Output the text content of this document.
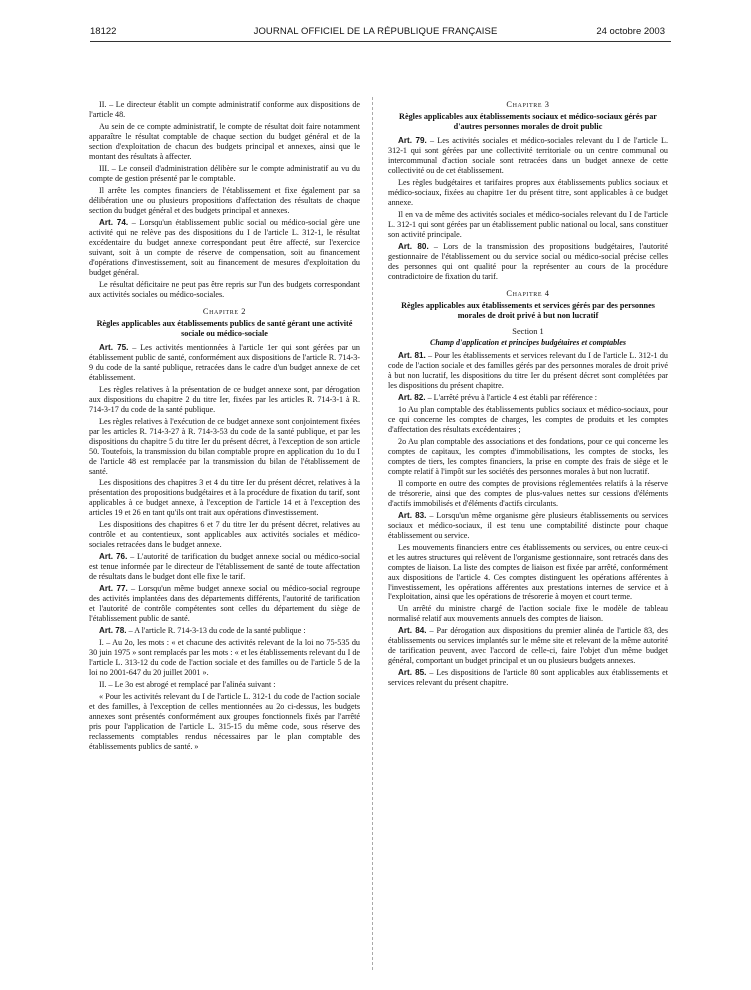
18122	JOURNAL OFFICIEL DE LA RÉPUBLIQUE FRANÇAISE	24 octobre 2003

II. – Le directeur établit un compte administratif conforme aux dispositions de l'article 48.

Au sein de ce compte administratif, le compte de résultat doit faire notamment apparaître le résultat comptable de chaque section du budget général et de la section d'exploitation de chacun des budgets principal et annexes, ainsi que le montant des résultats à affecter.

III. – Le conseil d'administration délibère sur le compte administratif au vu du compte de gestion présenté par le comptable.

Il arrête les comptes financiers de l'établissement et fixe également par sa délibération une ou plusieurs propositions d'affectation des résultats de chaque section du budget général et des budgets principal et annexes.

Art. 74. – Lorsqu'un établissement public social ou médico-social gère une activité qui ne relève pas des dispositions du I de l'article L. 312-1, le résultat excédentaire du budget annexe correspondant peut être affecté, sur l'exercice suivant, soit à un compte de réserve de compensation, soit au financement d'opérations d'investissement, soit au financement de mesures d'exploitation du budget général.

Le résultat déficitaire ne peut pas être repris sur l'un des budgets correspondant aux activités sociales ou médico-sociales.

Chapitre 2
Règles applicables aux établissements publics de santé gérant une activité sociale ou médico-sociale

Art. 75. – Les activités mentionnées à l'article 1er qui sont gérées par un établissement public de santé, conformément aux dispositions de l'article R. 714-3-9 du code de la santé publique, retracées dans le cadre d'un budget annexe de cet établissement.

Les règles relatives à la présentation de ce budget annexe sont, par dérogation aux dispositions du chapitre 2 du titre Ier, fixées par les articles R. 714-3-1 à R. 714-3-17 du code de la santé publique.

Les règles relatives à l'exécution de ce budget annexe sont conjointement fixées par les articles R. 714-3-27 à R. 714-3-53 du code de la santé publique, et par les dispositions du chapitre 5 du titre Ier du présent décret, à l'exception de son article 50. Toutefois, la transmission du bilan comptable propre en application du 1o du I de l'article 48 est remplacée par la transmission du bilan de l'établissement de santé.

Les dispositions des chapitres 3 et 4 du titre Ier du présent décret, relatives à la présentation des propositions budgétaires et à la procédure de fixation du tarif, sont applicables à ce budget annexe, à l'exception de l'article 14 et à l'exception des articles 19 et 26 en tant qu'ils ont trait aux opérations d'investissement.

Les dispositions des chapitres 6 et 7 du titre Ier du présent décret, relatives au contrôle et au contentieux, sont applicables aux activités sociales et médico-sociales retracées dans le budget annexe.

Art. 76. – L'autorité de tarification du budget annexe social ou médico-social est tenue informée par le directeur de l'établissement de santé de toute affectation de résultats dans le budget dont elle fixe le tarif.

Art. 77. – Lorsqu'un même budget annexe social ou médico-social regroupe des activités implantées dans des départements différents, l'autorité de tarification et l'autorité de contrôle compétentes sont celles du département du siège de l'établissement public de santé.

Art. 78. – A l'article R. 714-3-13 du code de la santé publique :

I. – Au 2o, les mots : « et chacune des activités relevant de la loi no 75-535 du 30 juin 1975 » sont remplacés par les mots : « et les établissements relevant du I de l'article L. 313-12 du code de l'action sociale et des familles ou de l'article 5 de la loi no 2001-647 du 20 juillet 2001 ».

II. – Le 3o est abrogé et remplacé par l'alinéa suivant :

« Pour les activités relevant du I de l'article L. 312-1 du code de l'action sociale et des familles, à l'exception de celles mentionnées au 2o ci-dessus, les budgets annexes sont présentés conformément aux groupes fonctionnels fixés par l'arrêté pris pour l'application de l'article L. 315-15 du même code, sous réserve des reclassements comptables rendus nécessaires par le plan comptable des établissements publics de santé. »

Chapitre 3
Règles applicables aux établissements sociaux et médico-sociaux gérés par d'autres personnes morales de droit public

Art. 79. – Les activités sociales et médico-sociales relevant du I de l'article L. 312-1 qui sont gérées par une collectivité territoriale ou un centre communal ou intercommunal d'action sociale sont retracées dans un budget annexe de cette collectivité ou de cet établissement.

Les règles budgétaires et tarifaires propres aux établissements publics sociaux et médico-sociaux, fixées au chapitre 1er du présent titre, sont applicables à ce budget annexe.

Il en va de même des activités sociales et médico-sociales relevant du I de l'article L. 312-1 qui sont gérées par un établissement public national ou local, sans constituer son activité principale.

Art. 80. – Lors de la transmission des propositions budgétaires, l'autorité gestionnaire de l'établissement ou du service social ou médico-social précise celles des personnes qui ont qualité pour la représenter au cours de la procédure contradictoire de fixation du tarif.

Chapitre 4
Règles applicables aux établissements et services gérés par des personnes morales de droit privé à but non lucratif
Section 1
Champ d'application et principes budgétaires et comptables

Art. 81. – Pour les établissements et services relevant du I de l'article L. 312-1 du code de l'action sociale et des familles gérés par des personnes morales de droit privé à but non lucratif, les dispositions du titre Ier du présent décret sont complétées par les dispositions du présent chapitre.

Art. 82. – L'arrêté prévu à l'article 4 est établi par référence :

1o Au plan comptable des établissements publics sociaux et médico-sociaux, pour ce qui concerne les comptes de charges, les comptes de produits et les comptes d'affectation des résultats excédentaires ;

2o Au plan comptable des associations et des fondations, pour ce qui concerne les comptes de capitaux, les comptes d'immobilisations, les comptes de stocks, les comptes de tiers, les comptes financiers, la prise en compte des frais de siège et le compte relatif à l'impôt sur les sociétés des personnes morales à but non lucratif.

Il comporte en outre des comptes de provisions réglementées relatifs à la réserve de trésorerie, ainsi que des comptes de plus-values nettes sur cessions d'éléments d'actifs immobilisés et d'éléments d'actifs circulants.

Art. 83. – Lorsqu'un même organisme gère plusieurs établissements ou services sociaux et médico-sociaux, il est tenu une comptabilité distincte pour chaque établissement ou service.

Les mouvements financiers entre ces établissements ou services, ou entre ceux-ci et les autres structures qui relèvent de l'organisme gestionnaire, sont retracés dans des comptes de liaison. La liste des comptes de liaison est fixée par arrêté, conformément aux dispositions de l'article 4. Ces comptes distinguent les opérations afférentes à l'investissement, les opérations afférentes aux prestations internes de service et à l'exploitation, ainsi que les opérations de trésorerie à moyen et court terme.

Un arrêté du ministre chargé de l'action sociale fixe le modèle de tableau normalisé relatif aux mouvements annuels des comptes de liaison.

Art. 84. – Par dérogation aux dispositions du premier alinéa de l'article 83, des établissements ou services implantés sur le même site et relevant de la même autorité de tarification peuvent, avec l'accord de celle-ci, faire l'objet d'un même budget général, comportant un budget principal et un ou plusieurs budgets annexes.

Art. 85. – Les dispositions de l'article 80 sont applicables aux établissements et services relevant du présent chapitre.
